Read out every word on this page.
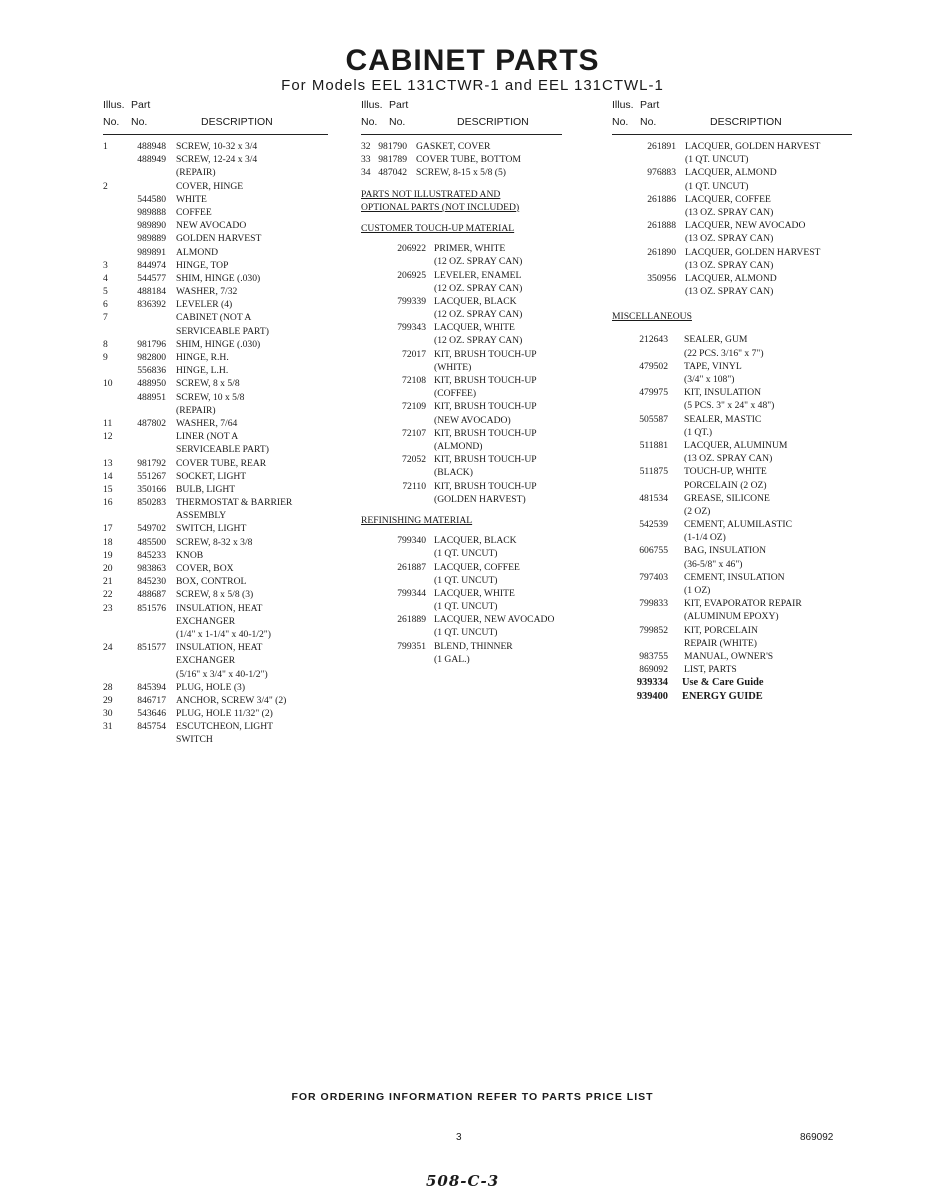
CABINET PARTS
For Models EEL 131CTWR-1 and EEL 131CTWL-1
Illus. Part
No. No.	DESCRIPTION
1	488948 SCREW, 10-32 x 3/4
488949 SCREW, 12-24 x 3/4
(REPAIR)
2	COVER, HINGE
544580 WHITE
989888 COFFEE
989890 NEW AVOCADO
989889 GOLDEN HARVEST
989891 ALMOND
3	844974 HINGE, TOP
4	544577 SHIM, HINGE (.030)
5	488184 WASHER, 7/32
6	836392 LEVELER (4)
7	CABINET (NOT A
SERVICEABLE PART)
8	981796 SHIM, HINGE (.030)
9	982800 HINGE, R.H.
556836 HINGE, L.H.
10	488950 SCREW, 8 x 5/8
488951 SCREW, 10 x 5/8
(REPAIR)
11	487802 WASHER, 7/64
12	LINER (NOT A
SERVICEABLE PART)
13	981792 COVER TUBE, REAR
14	551267 SOCKET, LIGHT
15	350166 BULB, LIGHT
16	850283 THERMOSTAT & BARRIER
ASSEMBLY
17	549702 SWITCH, LIGHT
18	485500 SCREW, 8-32 x 3/8
19	845233 KNOB
20	983863 COVER, BOX
21	845230 BOX, CONTROL
22	488687 SCREW, 8 x 5/8 (3)
23	851576 INSULATION, HEAT
EXCHANGER
(1/4" x 1-1/4" x 40-1/2")
24	851577 INSULATION, HEAT
EXCHANGER
(5/16" x 3/4" x 40-1/2")
28	845394 PLUG, HOLE (3)
29	846717 ANCHOR, SCREW 3/4" (2)
30	543646 PLUG, HOLE 11/32" (2)
31	845754 ESCUTCHEON, LIGHT
SWITCH
Illus. Part
No. No.	DESCRIPTION
32 981790 GASKET, COVER
33 981789 COVER TUBE, BOTTOM
34 487042 SCREW, 8-15 x 5/8 (5)
PARTS NOT ILLUSTRATED AND
OPTIONAL PARTS (NOT INCLUDED)
CUSTOMER TOUCH-UP MATERIAL
206922 PRIMER, WHITE
(12 OZ. SPRAY CAN)
206925 LEVELER, ENAMEL
(12 OZ. SPRAY CAN)
799339 LACQUER, BLACK
(12 OZ. SPRAY CAN)
799343 LACQUER, WHITE
(12 OZ. SPRAY CAN)
72017 KIT, BRUSH TOUCH-UP
(WHITE)
72108 KIT, BRUSH TOUCH-UP
(COFFEE)
72109 KIT, BRUSH TOUCH-UP
(NEW AVOCADO)
72107 KIT, BRUSH TOUCH-UP
(ALMOND)
72052 KIT, BRUSH TOUCH-UP
(BLACK)
72110 KIT, BRUSH TOUCH-UP
(GOLDEN HARVEST)
REFINISHING MATERIAL
799340 LACQUER, BLACK
(1 QT. UNCUT)
261887 LACQUER, COFFEE
(1 QT. UNCUT)
799344 LACQUER, WHITE
(1 QT. UNCUT)
261889 LACQUER, NEW AVOCADO
(1 QT. UNCUT)
799351 BLEND, THINNER
(1 GAL.)
Illus. Part
No. No.	DESCRIPTION
261891 LACQUER, GOLDEN HARVEST
(1 QT. UNCUT)
976883 LACQUER, ALMOND
(1 QT. UNCUT)
261886 LACQUER, COFFEE
(13 OZ. SPRAY CAN)
261888 LACQUER, NEW AVOCADO
(13 OZ. SPRAY CAN)
261890 LACQUER, GOLDEN HARVEST
(13 OZ. SPRAY CAN)
350956 LACQUER, ALMOND
(13 OZ. SPRAY CAN)
MISCELLANEOUS
212643 SEALER, GUM
(22 PCS. 3/16" x 7")
479502 TAPE, VINYL
(3/4" x 108")
479975 KIT, INSULATION
(5 PCS. 3" x 24" x 48")
505587 SEALER, MASTIC
(1 QT.)
511881 LACQUER, ALUMINUM
(13 OZ. SPRAY CAN)
511875 TOUCH-UP, WHITE
PORCELAIN (2 OZ)
481534 GREASE, SILICONE
(2 OZ)
542539 CEMENT, ALUMILASTIC
(1-1/4 OZ)
606755 BAG, INSULATION
(36-5/8" x 46")
797403 CEMENT, INSULATION
(1 OZ)
799833 KIT, EVAPORATOR REPAIR
(ALUMINUM EPOXY)
799852 KIT, PORCELAIN
REPAIR (WHITE)
983755 MANUAL, OWNER'S
869092 LIST, PARTS
939334 Use & Care Guide
939400 ENERGY GUIDE
FOR ORDERING INFORMATION REFER TO PARTS PRICE LIST
3	869092
508-C-3
